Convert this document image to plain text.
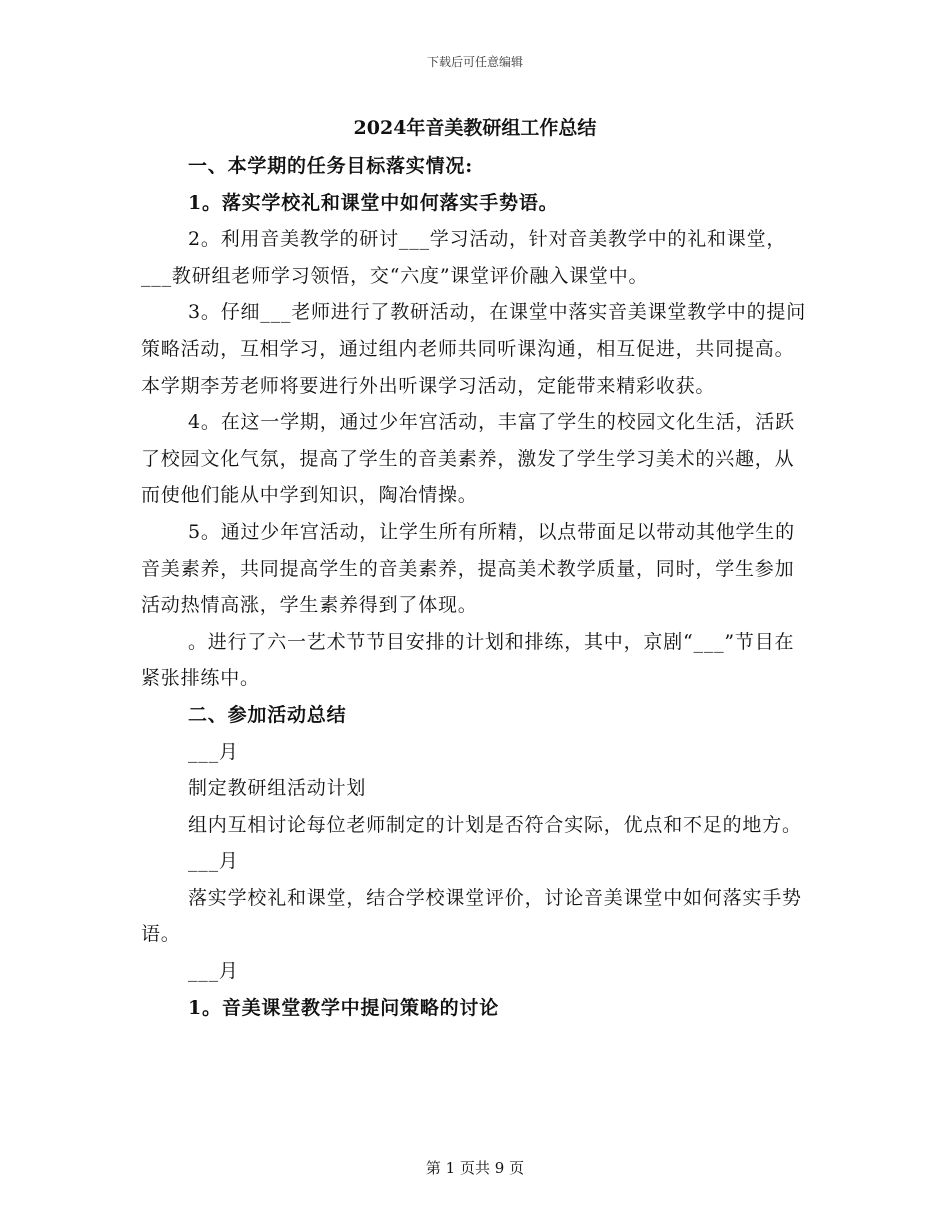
下载后可任意编辑
2024年音美教研组工作总结

一、本学期的任务目标落实情况:

1。落实学校礼和课堂中如何落实手势语。

2。利用音美教学的研讨___学习活动，针对音美教学中的礼和课堂，___教研组老师学习领悟，交“六度”课堂评价融入课堂中。

3。仔细___老师进行了教研活动，在课堂中落实音美课堂教学中的提问策略活动，互相学习，通过组内老师共同听课沟通，相互促进，共同提高。本学期李芳老师将要进行外出听课学习活动，定能带来精彩收获。

4。在这一学期，通过少年宫活动，丰富了学生的校园文化生活，活跃了校园文化气氛，提高了学生的音美素养，激发了学生学习美术的兴趣，从而使他们能从中学到知识，陶冶情操。

5。通过少年宫活动，让学生所有所精，以点带面足以带动其他学生的音美素养，共同提高学生的音美素养，提高美术教学质量，同时，学生参加活动热情高涨，学生素养得到了体现。

。进行了六一艺术节节目安排的计划和排练，其中，京剧“___”节目在紧张排练中。

二、参加活动总结

___月

制定教研组活动计划

组内互相讨论每位老师制定的计划是否符合实际，优点和不足的地方。

___月

落实学校礼和课堂，结合学校课堂评价，讨论音美课堂中如何落实手势语。

___月

1。音美课堂教学中提问策略的讨论

第 1 页共 9 页
